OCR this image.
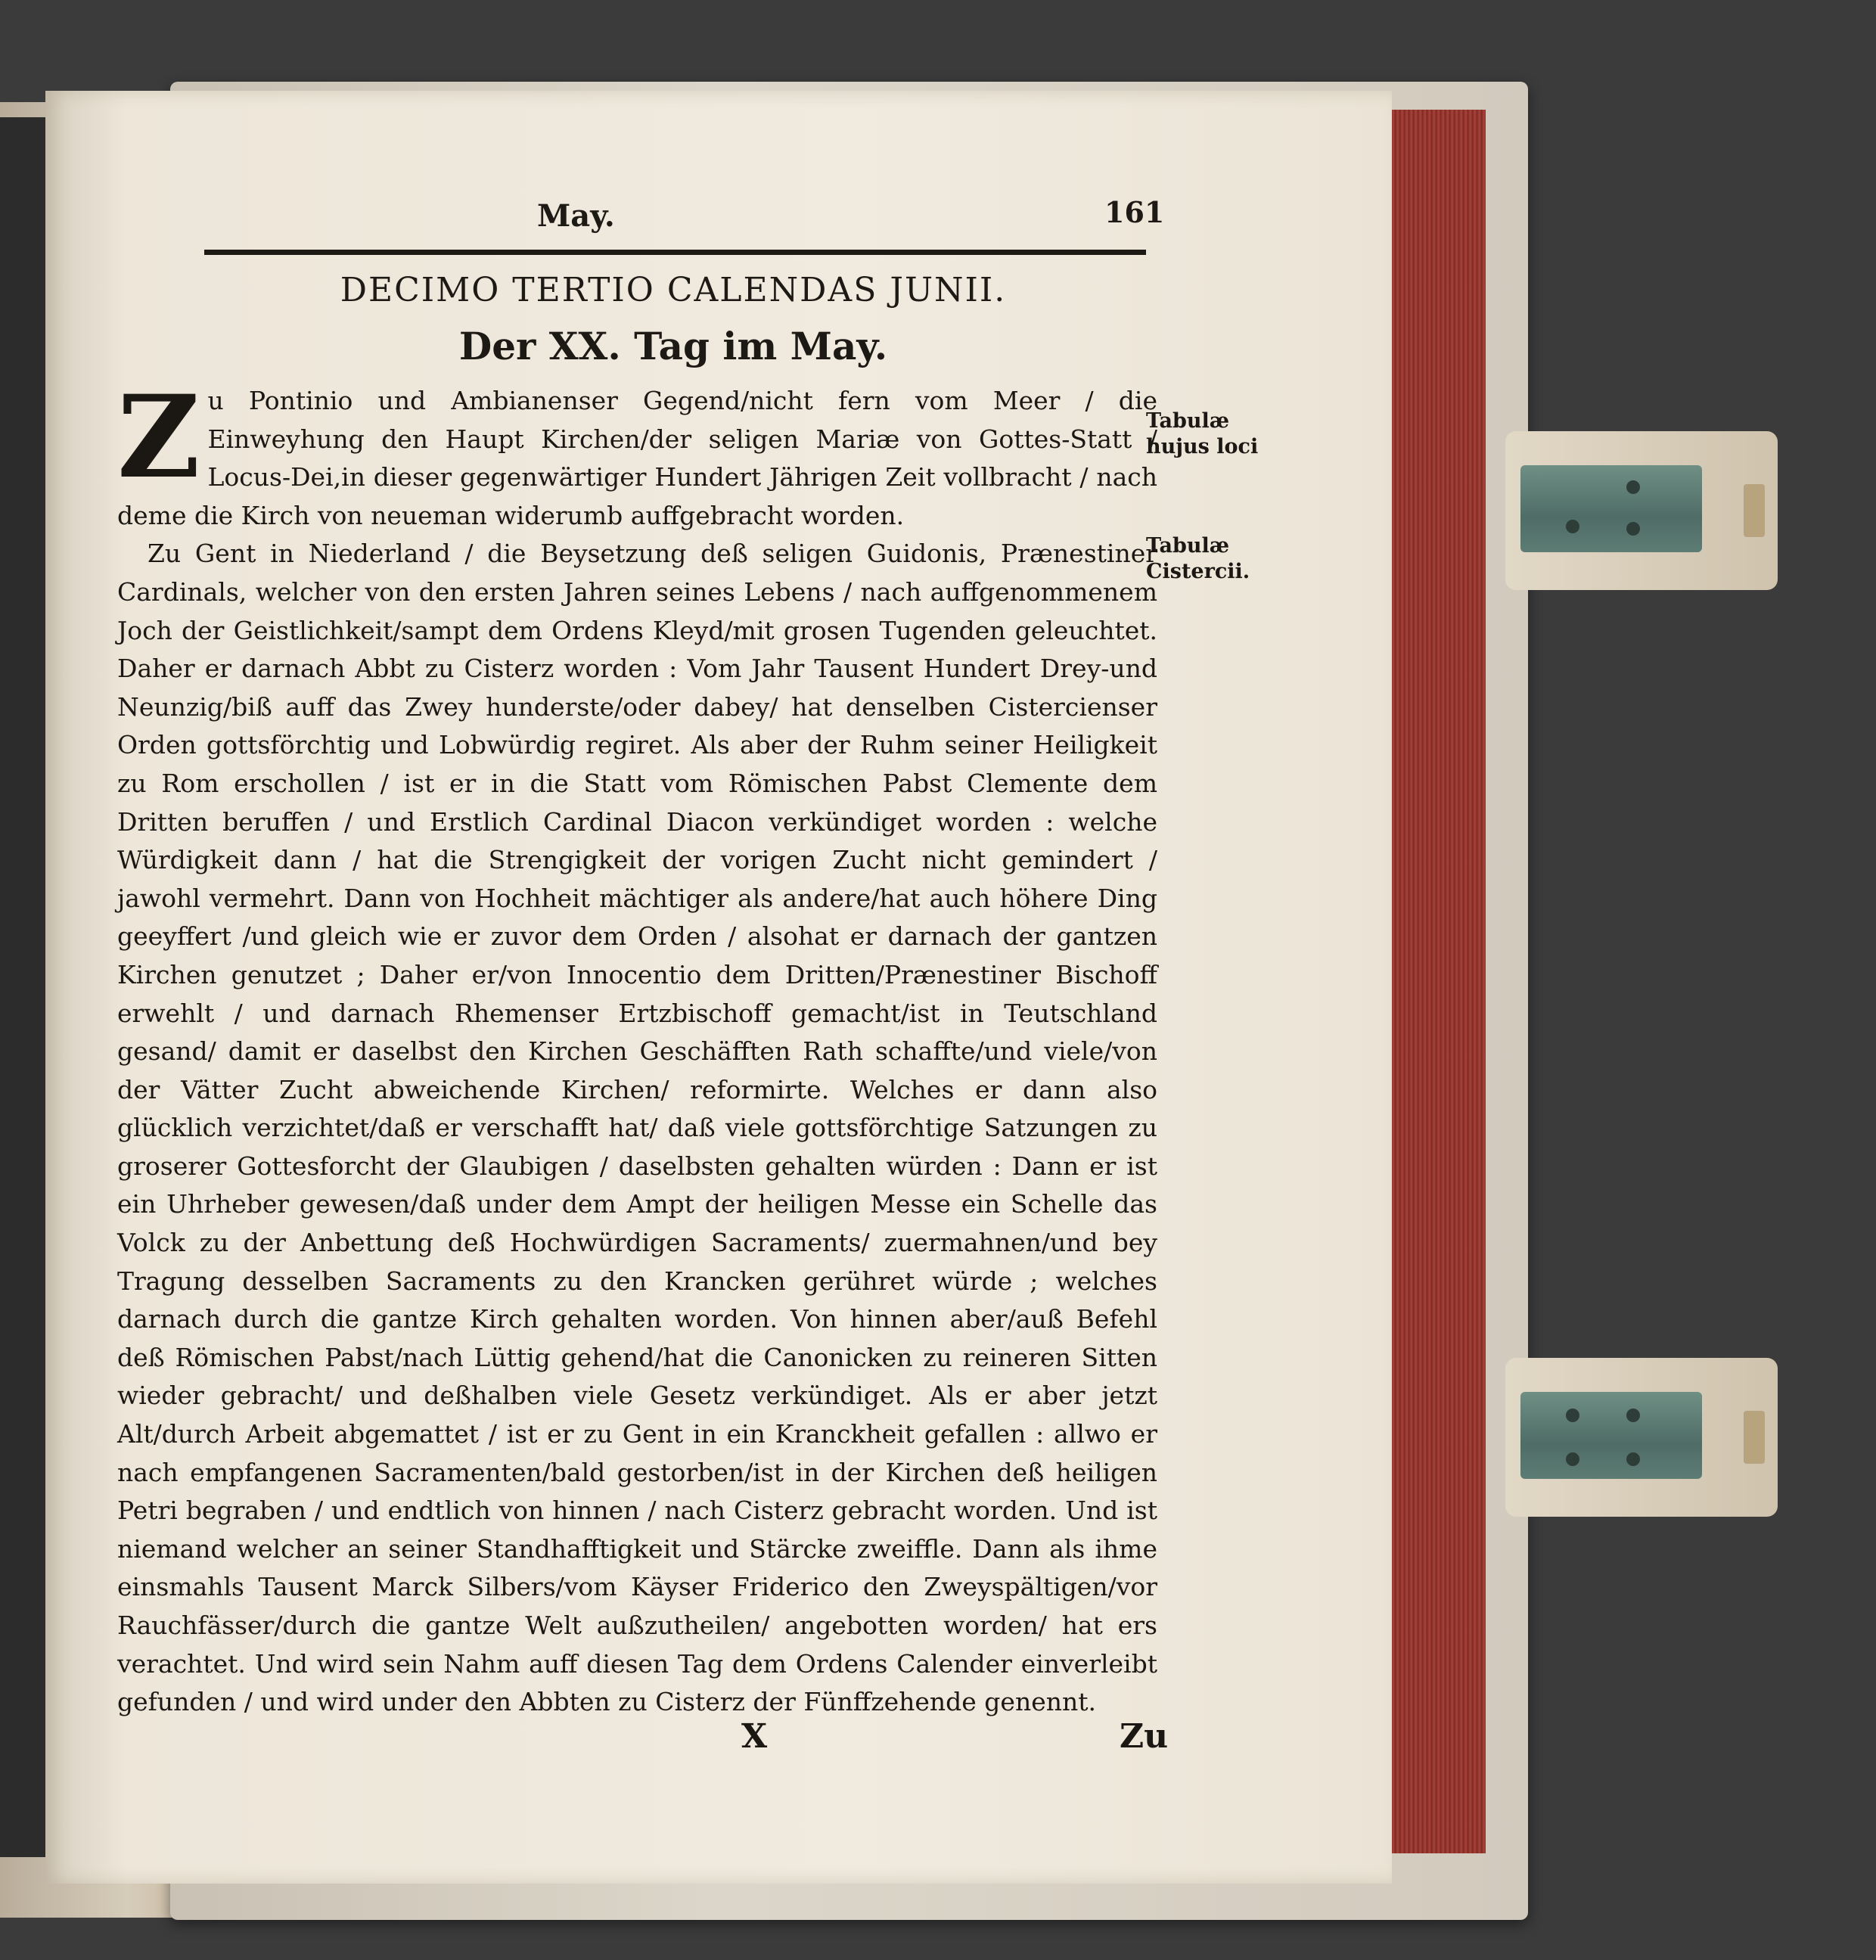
May.	161
DECIMO TERTIO CALENDAS JUNII.
Der XX. Tag im May.

Zu Pontinio und Ambianenser Gegend/nicht fern vom Meer / die Einweyhung den Haupt Kirchen/der seligen Mariæ von Gottes-Statt / Locus-Dei,in dieser gegenwärtiger Hundert Jährigen Zeit vollbracht / nach deme die Kirch von neueman widerumb auffgebracht worden.

Zu Gent in Niederland / die Beysetzung deß seligen Guidonis, Prænestiner Cardinals, welcher von den ersten Jahren seines Lebens / nach auffgenommenem Joch der Geistlichkeit/sampt dem Ordens Kleyd/mit grosen Tugenden geleuchtet. Daher er darnach Abbt zu Cisterz worden : Vom Jahr Tausent Hundert Drey-und Neunzig/biß auff das Zwey hunderste/oder dabey/ hat denselben Cistercienser Orden gottsförchtig und Lobwürdig regiret. Als aber der Ruhm seiner Heiligkeit zu Rom erschollen / ist er in die Statt vom Römischen Pabst Clemente dem Dritten beruffen / und Erstlich Cardinal Diacon verkündiget worden : welche Würdigkeit dann / hat die Strengigkeit der vorigen Zucht nicht gemindert / jawohl vermehrt. Dann von Hochheit mächtiger als andere/hat auch höhere Ding geeyffert /und gleich wie er zuvor dem Orden / alsohat er darnach der gantzen Kirchen genutzet ; Daher er/von Innocentio dem Dritten/Prænestiner Bischoff erwehlt / und darnach Rhemenser Ertzbischoff gemacht/ist in Teutschland gesand/ damit er daselbst den Kirchen Geschäfften Rath schaffte/und viele/von der Vätter Zucht abweichende Kirchen/ reformirte. Welches er dann also glücklich verzichtet/daß er verschafft hat/ daß viele gottsförchtige Satzungen zu groserer Gottesforcht der Glaubigen / daselbsten gehalten würden : Dann er ist ein Uhrheber gewesen/daß under dem Ampt der heiligen Messe ein Schelle das Volck zu der Anbettung deß Hochwürdigen Sacraments/ zuermahnen/und bey Tragung desselben Sacraments zu den Krancken gerühret würde ; welches darnach durch die gantze Kirch gehalten worden. Von hinnen aber/auß Befehl deß Römischen Pabst/nach Lüttig gehend/hat die Canonicken zu reineren Sitten wieder gebracht/ und deßhalben viele Gesetz verkündiget. Als er aber jetzt Alt/durch Arbeit abgemattet / ist er zu Gent in ein Kranckheit gefallen : allwo er nach empfangenen Sacramenten/bald gestorben/ist in der Kirchen deß heiligen Petri begraben / und endtlich von hinnen / nach Cisterz gebracht worden. Und ist niemand welcher an seiner Standhafftigkeit und Stärcke zweiffle. Dann als ihme einsmahls Tausent Marck Silbers/vom Käyser Friderico den Zweyspältigen/vor Rauchfässer/durch die gantze Welt außzutheilen/ angebotten worden/ hat ers verachtet. Und wird sein Nahm auff diesen Tag dem Ordens Calender einverleibt gefunden / und wird under den Abbten zu Cisterz der Fünffzehende genennt.

Tabulæ
hujus loci
Tabulæ
Cistercii.
X	Zu
